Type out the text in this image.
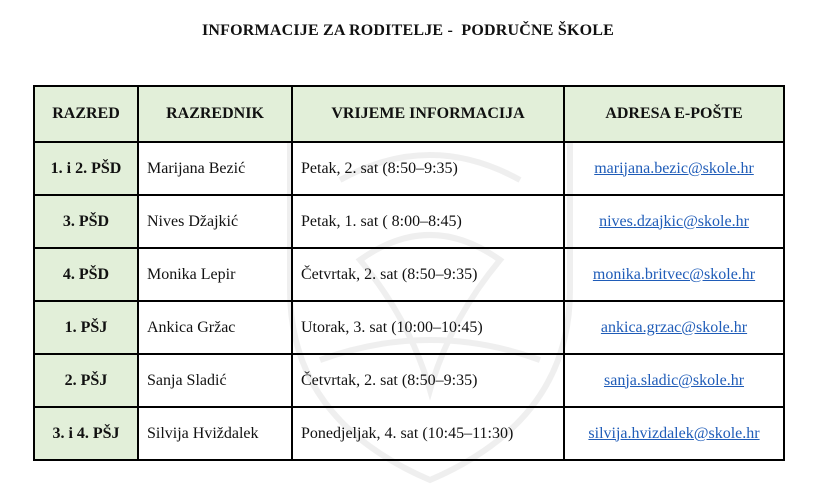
INFORMACIJE ZA RODITELJE -  PODRUČNE ŠKOLE
RAZRED	RAZREDNIK	VRIJEME INFORMACIJA	ADRESA E-POŠTE
1. i 2. PŠD	Marijana Bezić	Petak, 2. sat (8:50–9:35)	marijana.bezic@skole.hr
3. PŠD	Nives Džajkić	Petak, 1. sat ( 8:00–8:45)	nives.dzajkic@skole.hr
4. PŠD	Monika Lepir	Četvrtak, 2. sat (8:50–9:35)	monika.britvec@skole.hr
1. PŠJ	Ankica Gržac	Utorak, 3. sat (10:00–10:45)	ankica.grzac@skole.hr
2. PŠJ	Sanja Sladić	Četvrtak, 2. sat (8:50–9:35)	sanja.sladic@skole.hr
3. i 4. PŠJ	Silvija Hviždalek	Ponedjeljak, 4. sat (10:45–11:30)	silvija.hvizdalek@skole.hr
